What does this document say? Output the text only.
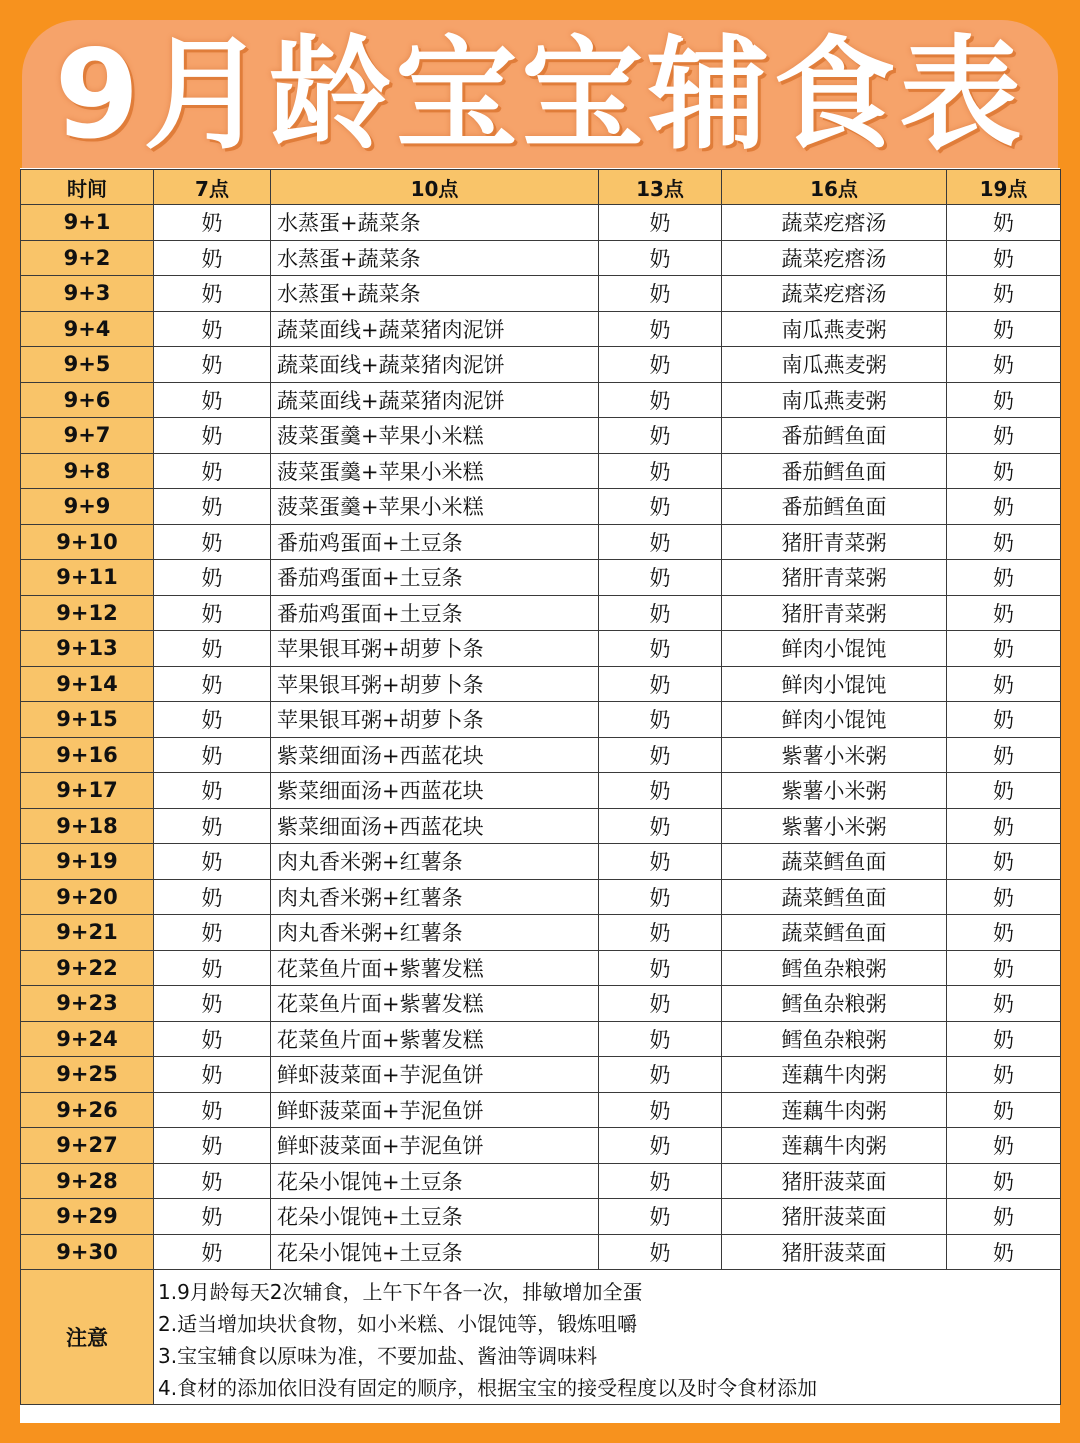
9月龄宝宝辅食表
时间	7点	10点	13点	16点	19点
9+1	奶	水蒸蛋+蔬菜条	奶	蔬菜疙瘩汤	奶
9+2	奶	水蒸蛋+蔬菜条	奶	蔬菜疙瘩汤	奶
9+3	奶	水蒸蛋+蔬菜条	奶	蔬菜疙瘩汤	奶
9+4	奶	蔬菜面线+蔬菜猪肉泥饼	奶	南瓜燕麦粥	奶
9+5	奶	蔬菜面线+蔬菜猪肉泥饼	奶	南瓜燕麦粥	奶
9+6	奶	蔬菜面线+蔬菜猪肉泥饼	奶	南瓜燕麦粥	奶
9+7	奶	菠菜蛋羹+苹果小米糕	奶	番茄鳕鱼面	奶
9+8	奶	菠菜蛋羹+苹果小米糕	奶	番茄鳕鱼面	奶
9+9	奶	菠菜蛋羹+苹果小米糕	奶	番茄鳕鱼面	奶
9+10	奶	番茄鸡蛋面+土豆条	奶	猪肝青菜粥	奶
9+11	奶	番茄鸡蛋面+土豆条	奶	猪肝青菜粥	奶
9+12	奶	番茄鸡蛋面+土豆条	奶	猪肝青菜粥	奶
9+13	奶	苹果银耳粥+胡萝卜条	奶	鲜肉小馄饨	奶
9+14	奶	苹果银耳粥+胡萝卜条	奶	鲜肉小馄饨	奶
9+15	奶	苹果银耳粥+胡萝卜条	奶	鲜肉小馄饨	奶
9+16	奶	紫菜细面汤+西蓝花块	奶	紫薯小米粥	奶
9+17	奶	紫菜细面汤+西蓝花块	奶	紫薯小米粥	奶
9+18	奶	紫菜细面汤+西蓝花块	奶	紫薯小米粥	奶
9+19	奶	肉丸香米粥+红薯条	奶	蔬菜鳕鱼面	奶
9+20	奶	肉丸香米粥+红薯条	奶	蔬菜鳕鱼面	奶
9+21	奶	肉丸香米粥+红薯条	奶	蔬菜鳕鱼面	奶
9+22	奶	花菜鱼片面+紫薯发糕	奶	鳕鱼杂粮粥	奶
9+23	奶	花菜鱼片面+紫薯发糕	奶	鳕鱼杂粮粥	奶
9+24	奶	花菜鱼片面+紫薯发糕	奶	鳕鱼杂粮粥	奶
9+25	奶	鲜虾菠菜面+芋泥鱼饼	奶	莲藕牛肉粥	奶
9+26	奶	鲜虾菠菜面+芋泥鱼饼	奶	莲藕牛肉粥	奶
9+27	奶	鲜虾菠菜面+芋泥鱼饼	奶	莲藕牛肉粥	奶
9+28	奶	花朵小馄饨+土豆条	奶	猪肝菠菜面	奶
9+29	奶	花朵小馄饨+土豆条	奶	猪肝菠菜面	奶
9+30	奶	花朵小馄饨+土豆条	奶	猪肝菠菜面	奶
注意	1.9月龄每天2次辅食，上午下午各一次，排敏增加全蛋
2.适当增加块状食物，如小米糕、小馄饨等，锻炼咀嚼
3.宝宝辅食以原味为准，不要加盐、酱油等调味料
4.食材的添加依旧没有固定的顺序，根据宝宝的接受程度以及时令食材添加				
